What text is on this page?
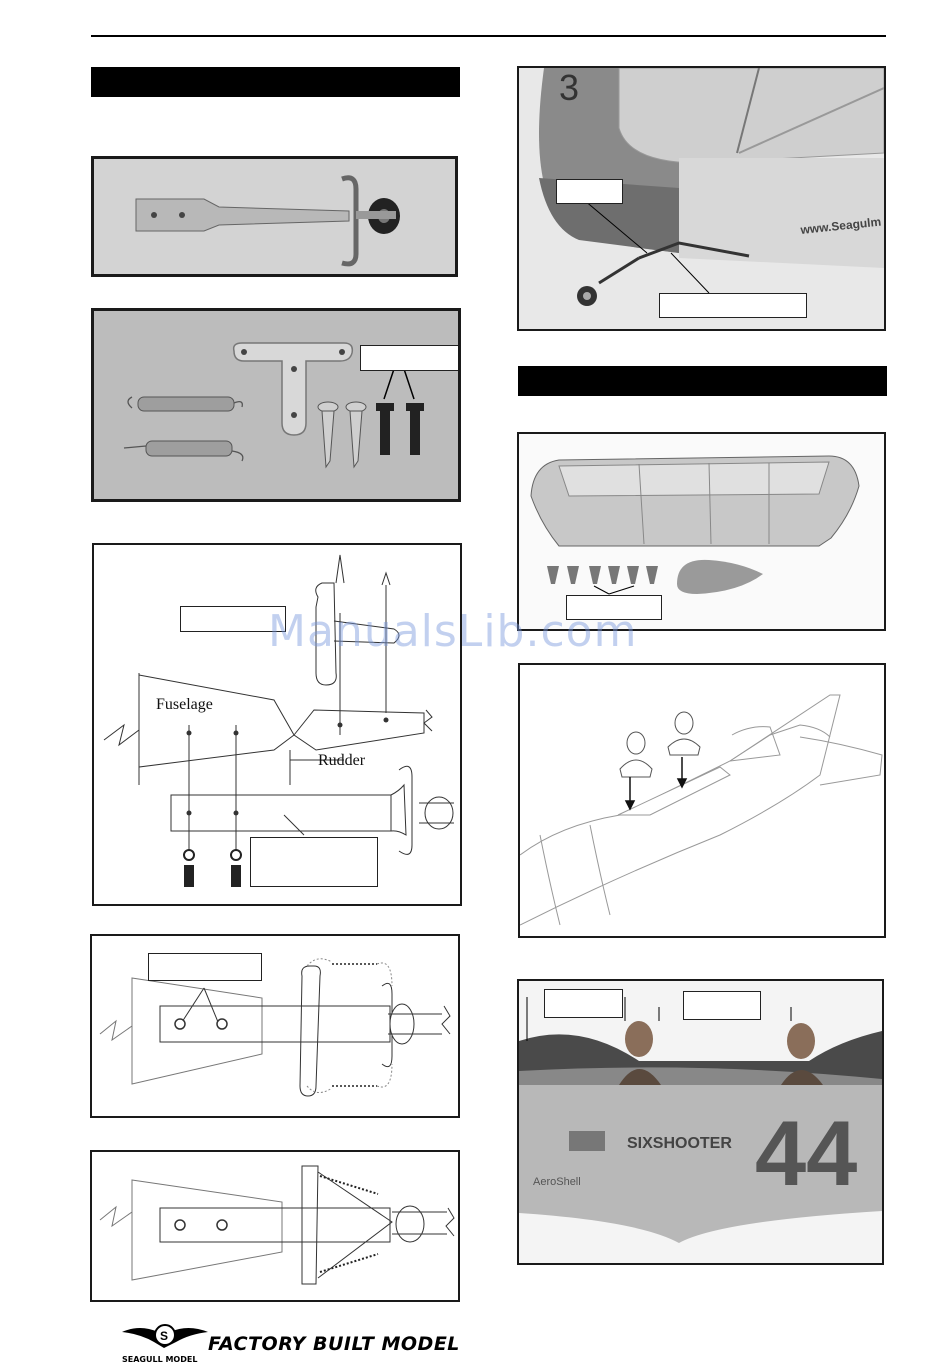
Fuselage
Rudder
3
www.Seagulm
SIXSHOOTER 44
AeroShell
ManualsLib.com
S
SEAGULL MODEL
FACTORY BUILT MODEL
